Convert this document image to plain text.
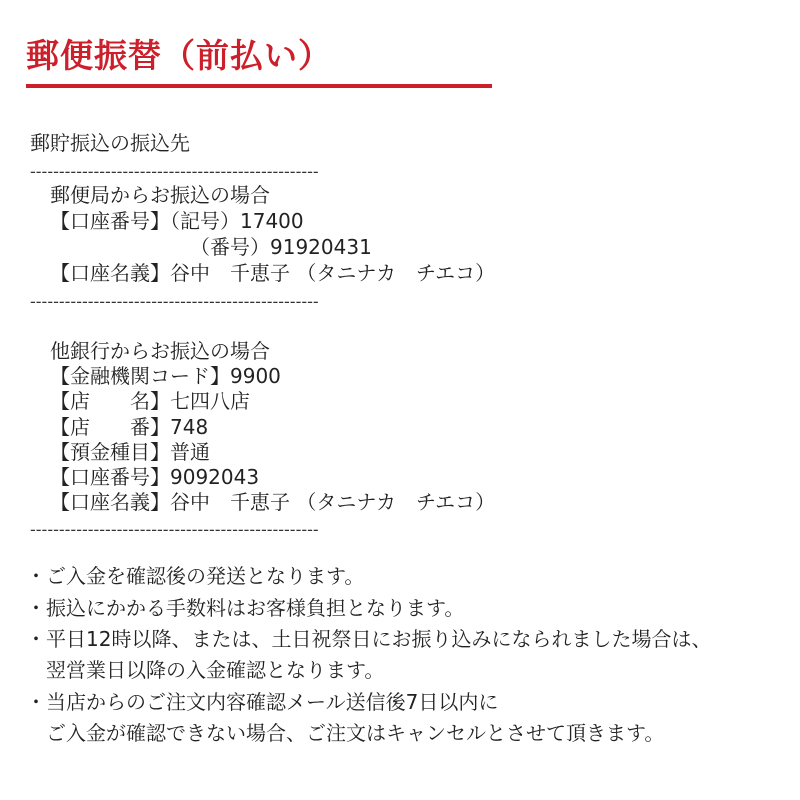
郵便振替（前払い）
郵貯振込の振込先
--------------------------------------------------
郵便局からお振込の場合
【口座番号】（記号）17400
（番号）91920431
【口座名義】谷中　千恵子 （タニナカ　チエコ）
--------------------------------------------------
他銀行からお振込の場合
【金融機関コード】9900
【店　　名】七四八店
【店　　番】748
【預金種目】普通
【口座番号】9092043
【口座名義】谷中　千恵子 （タニナカ　チエコ）
--------------------------------------------------
・ご入金を確認後の発送となります。
・振込にかかる手数料はお客様負担となります。
・平日12時以降、または、土日祝祭日にお振り込みになられました場合は、
　翌営業日以降の入金確認となります。
・当店からのご注文内容確認メール送信後7日以内に
　ご入金が確認できない場合、ご注文はキャンセルとさせて頂きます。
